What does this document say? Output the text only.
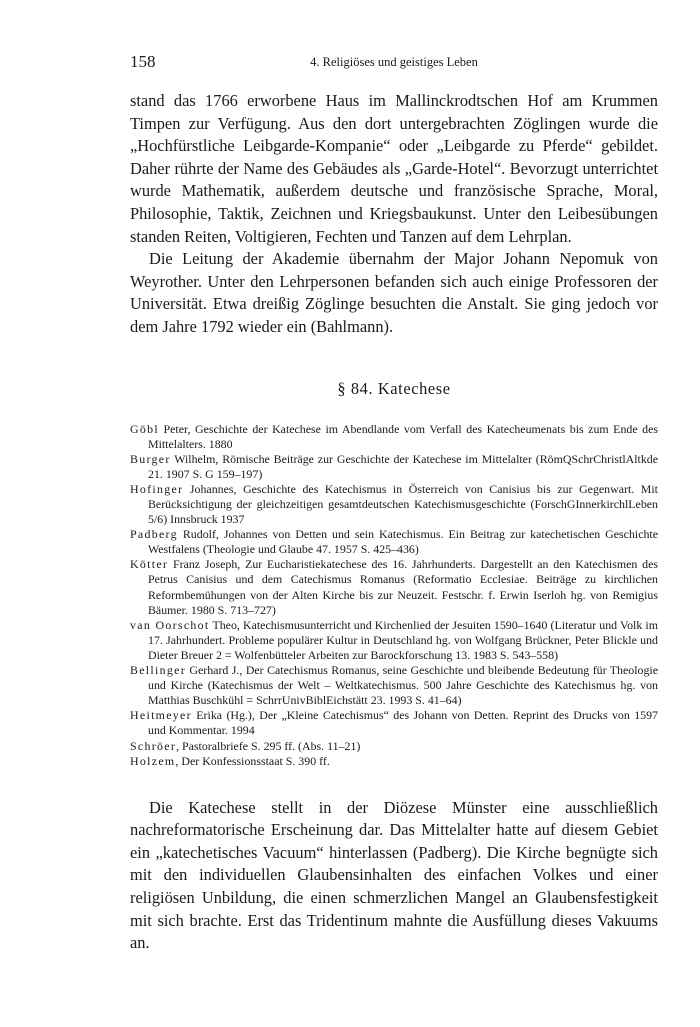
158	4. Religiöses und geistiges Leben

stand das 1766 erworbene Haus im Mallinckrodtschen Hof am Krummen Timpen zur Verfügung. Aus den dort untergebrachten Zöglingen wurde die „Hochfürstliche Leibgarde-Kompanie“ oder „Leibgarde zu Pferde“ gebildet. Daher rührte der Name des Gebäudes als „Garde-Hotel“. Bevorzugt unterrichtet wurde Mathematik, außerdem deutsche und französische Sprache, Moral, Philosophie, Taktik, Zeichnen und Kriegsbaukunst. Unter den Leibesübungen standen Reiten, Voltigieren, Fechten und Tanzen auf dem Lehrplan.

Die Leitung der Akademie übernahm der Major Johann Nepomuk von Weyrother. Unter den Lehrpersonen befanden sich auch einige Professoren der Universität. Etwa dreißig Zöglinge besuchten die Anstalt. Sie ging jedoch vor dem Jahre 1792 wieder ein (Bahlmann).

§ 84. Katechese
Göbl Peter, Geschichte der Katechese im Abendlande vom Verfall des Katecheumenats bis zum Ende des Mittelalters. 1880
Burger Wilhelm, Römische Beiträge zur Geschichte der Katechese im Mittelalter (RömQSchrChristlAltkde 21. 1907 S. G 159–197)
Hofinger Johannes, Geschichte des Katechismus in Österreich von Canisius bis zur Gegenwart. Mit Berücksichtigung der gleichzeitigen gesamtdeutschen Katechismusgeschichte (ForschGInnerkirchlLeben 5/6) Innsbruck 1937
Padberg Rudolf, Johannes von Detten und sein Katechismus. Ein Beitrag zur katechetischen Geschichte Westfalens (Theologie und Glaube 47. 1957 S. 425–436)
Kötter Franz Joseph, Zur Eucharistiekatechese des 16. Jahrhunderts. Dargestellt an den Katechismen des Petrus Canisius und dem Catechismus Romanus (Reformatio Ecclesiae. Beiträge zu kirchlichen Reformbemühungen von der Alten Kirche bis zur Neuzeit. Festschr. f. Erwin Iserloh hg. von Remigius Bäumer. 1980 S. 713–727)
van Oorschot Theo, Katechismusunterricht und Kirchenlied der Jesuiten 1590–1640 (Literatur und Volk im 17. Jahrhundert. Probleme populärer Kultur in Deutschland hg. von Wolfgang Brückner, Peter Blickle und Dieter Breuer 2 = Wolfenbütteler Arbeiten zur Barockforschung 13. 1983 S. 543–558)
Bellinger Gerhard J., Der Catechismus Romanus, seine Geschichte und bleibende Bedeutung für Theologie und Kirche (Katechismus der Welt – Weltkatechismus. 500 Jahre Geschichte des Katechismus hg. von Matthias Buschkühl = SchrrUnivBiblEichstätt 23. 1993 S. 41–64)
Heitmeyer Erika (Hg.), Der „Kleine Catechismus“ des Johann von Detten. Reprint des Drucks von 1597 und Kommentar. 1994
Schröer, Pastoralbriefe S. 295 ff. (Abs. 11–21)
Holzem, Der Konfessionsstaat S. 390 ff.

Die Katechese stellt in der Diözese Münster eine ausschließlich nachreformatorische Erscheinung dar. Das Mittelalter hatte auf diesem Gebiet ein „katechetisches Vacuum“ hinterlassen (Padberg). Die Kirche begnügte sich mit den individuellen Glaubensinhalten des einfachen Volkes und einer religiösen Unbildung, die einen schmerzlichen Mangel an Glaubensfestigkeit mit sich brachte. Erst das Tridentinum mahnte die Ausfüllung dieses Vakuums an.
